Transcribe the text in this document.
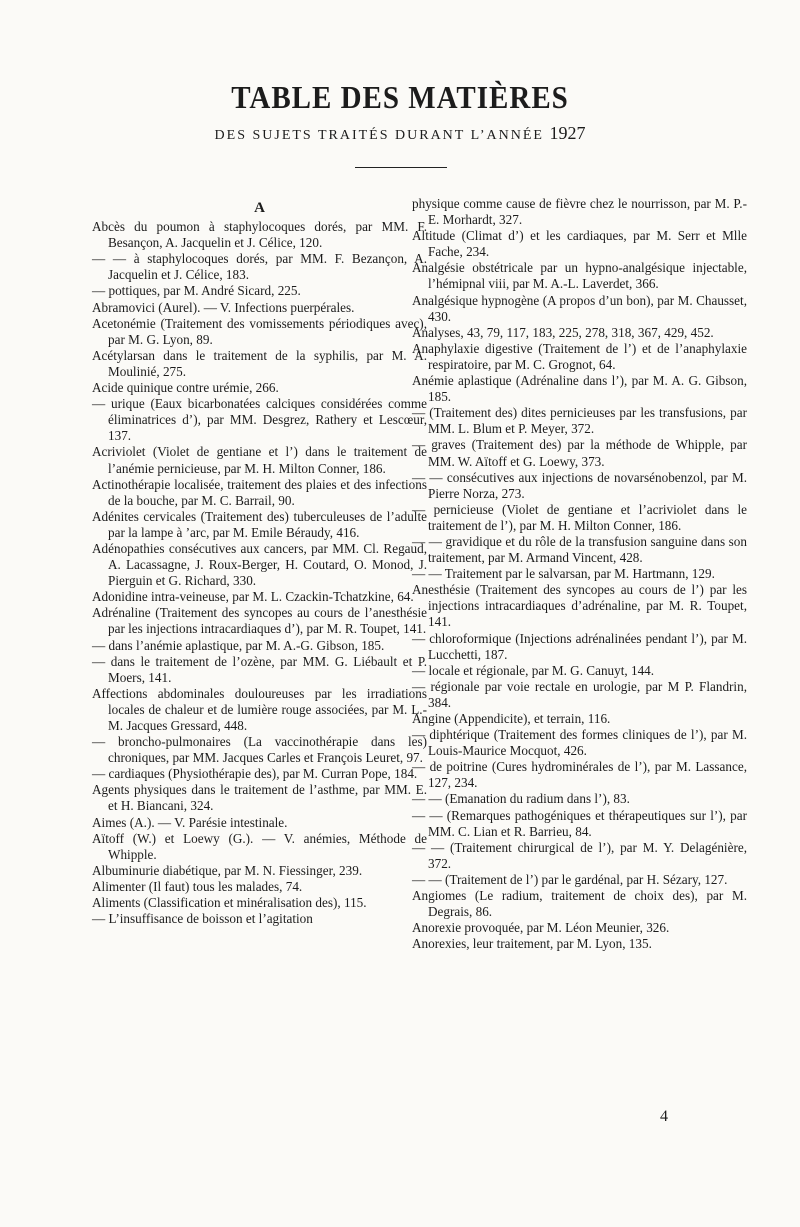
TABLE DES MATIÈRES
DES SUJETS TRAITÉS DURANT L’ANNÉE 1927
A

Abcès du poumon à staphylocoques dorés, par MM. F. Besançon, A. Jacquelin et J. Célice, 120.

— — à staphylocoques dorés, par MM. F. Bezançon, A. Jacquelin et J. Célice, 183.

— pottiques, par M. André Sicard, 225.

Abramovici (Aurel). — V. Infections puerpérales.

Acetonémie (Traitement des vomissements périodiques avec), par M. G. Lyon, 89.

Acétylarsan dans le traitement de la syphilis, par M. A. Moulinié, 275.

Acide quinique contre urémie, 266.

— urique (Eaux bicarbonatées calciques considérées comme éliminatrices d’), par MM. Desgrez, Rathery et Lescœur, 137.

Acriviolet (Violet de gentiane et l’) dans le traitement de l’anémie pernicieuse, par M. H. Milton Conner, 186.

Actinothérapie localisée, traitement des plaies et des infections de la bouche, par M. C. Barrail, 90.

Adénites cervicales (Traitement des) tuberculeuses de l’adulte par la lampe à ’arc, par M. Emile Béraudy, 416.

Adénopathies consécutives aux cancers, par MM. Cl. Regaud, A. Lacassagne, J. Roux-Berger, H. Coutard, O. Monod, J. Pierguin et G. Richard, 330.

Adonidine intra-veineuse, par M. L. Czackin-Tchatzkine, 64.

Adrénaline (Traitement des syncopes au cours de l’anesthésie par les injections intracardiaques d’), par M. R. Toupet, 141.

— dans l’anémie aplastique, par M. A.-G. Gibson, 185.

— dans le traitement de l’ozène, par MM. G. Liébault et P. Moers, 141.

Affections abdominales douloureuses par les irradiations locales de chaleur et de lumière rouge associées, par M. L.-M. Jacques Gressard, 448.

— broncho-pulmonaires (La vaccinothérapie dans les) chroniques, par MM. Jacques Carles et François Leuret, 97.

— cardiaques (Physiothérapie des), par M. Curran Pope, 184.

Agents physiques dans le traitement de l’asthme, par MM. E. et H. Biancani, 324.

Aimes (A.). — V. Parésie intestinale.

Aïtoff (W.) et Loewy (G.). — V. anémies, Méthode de Whipple.

Albuminurie diabétique, par M. N. Fiessinger, 239.

Alimenter (Il faut) tous les malades, 74.

Aliments (Classification et minéralisation des), 115.

— L’insuffisance de boisson et l’agitation

physique comme cause de fièvre chez le nourrisson, par M. P.-E. Morhardt, 327.

Altitude (Climat d’) et les cardiaques, par M. Serr et Mlle Fache, 234.

Analgésie obstétricale par un hypno-analgésique injectable, l’hémipnal viii, par M. A.-L. Laverdet, 366.

Analgésique hypnogène (A propos d’un bon), par M. Chausset, 430.

Analyses, 43, 79, 117, 183, 225, 278, 318, 367, 429, 452.

Anaphylaxie digestive (Traitement de l’) et de l’anaphylaxie respiratoire, par M. C. Grognot, 64.

Anémie aplastique (Adrénaline dans l’), par M. A. G. Gibson, 185.

— (Traitement des) dites pernicieuses par les transfusions, par MM. L. Blum et P. Meyer, 372.

— graves (Traitement des) par la méthode de Whipple, par MM. W. Aïtoff et G. Loewy, 373.

— — consécutives aux injections de novarsénobenzol, par M. Pierre Norza, 273.

— pernicieuse (Violet de gentiane et l’acriviolet dans le traitement de l’), par M. H. Milton Conner, 186.

— — gravidique et du rôle de la transfusion sanguine dans son traitement, par M. Armand Vincent, 428.

— — Traitement par le salvarsan, par M. Hartmann, 129.

Anesthésie (Traitement des syncopes au cours de l’) par les injections intracardiaques d’adrénaline, par M. R. Toupet, 141.

— chloroformique (Injections adrénalinées pendant l’), par M. Lucchetti, 187.

— locale et régionale, par M. G. Canuyt, 144.

— régionale par voie rectale en urologie, par M P. Flandrin, 384.

Angine (Appendicite), et terrain, 116.

— diphtérique (Traitement des formes cliniques de l’), par M. Louis-Maurice Mocquot, 426.

— de poitrine (Cures hydrominérales de l’), par M. Lassance, 127, 234.

— — (Emanation du radium dans l’), 83.

— — (Remarques pathogéniques et thérapeutiques sur l’), par MM. C. Lian et R. Barrieu, 84.

— — (Traitement chirurgical de l’), par M. Y. Delagénière, 372.

— — (Traitement de l’) par le gardénal, par H. Sézary, 127.

Angiomes (Le radium, traitement de choix des), par M. Degrais, 86.

Anorexie provoquée, par M. Léon Meunier, 326.

Anorexies, leur traitement, par M. Lyon, 135.

4
